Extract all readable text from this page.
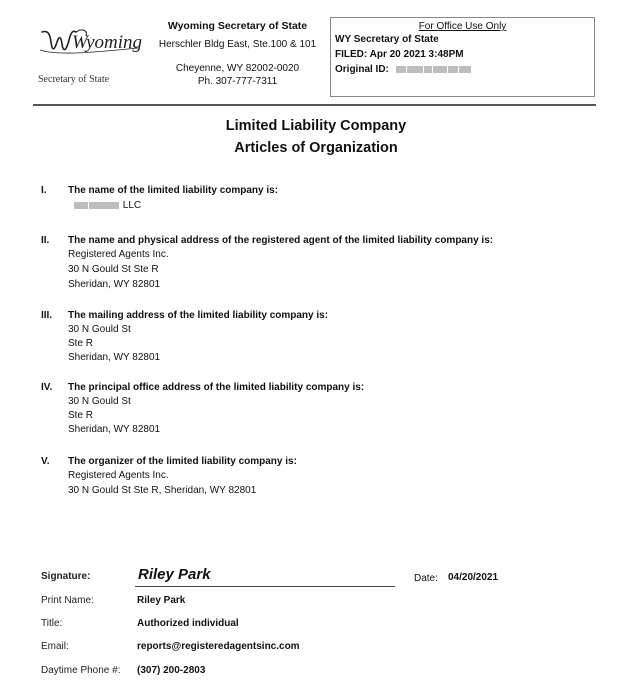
Wyoming
Secretary of State
Wyoming Secretary of State
Herschler Bldg East, Ste.100 & 101
Cheyenne, WY 82002-0020
Ph. 307-777-7311
For Office Use Only
WY Secretary of State
FILED: Apr 20 2021 3:48PM
Original ID:
Limited Liability Company
Articles of Organization
I. The name of the limited liability company is:
LLC
II. The name and physical address of the registered agent of the limited liability company is:
Registered Agents Inc.
30 N Gould St Ste R
Sheridan, WY 82801
III. The mailing address of the limited liability company is:
30 N Gould St
Ste R
Sheridan, WY 82801
IV. The principal office address of the limited liability company is:
30 N Gould St
Ste R
Sheridan, WY 82801
V. The organizer of the limited liability company is:
Registered Agents Inc.
30 N Gould St Ste R, Sheridan, WY 82801
Signature:	Riley Park	Date: 04/20/2021
Print Name:	Riley Park
Title:	Authorized individual
Email:	reports@registeredagentsinc.com
Daytime Phone #: (307) 200-2803
